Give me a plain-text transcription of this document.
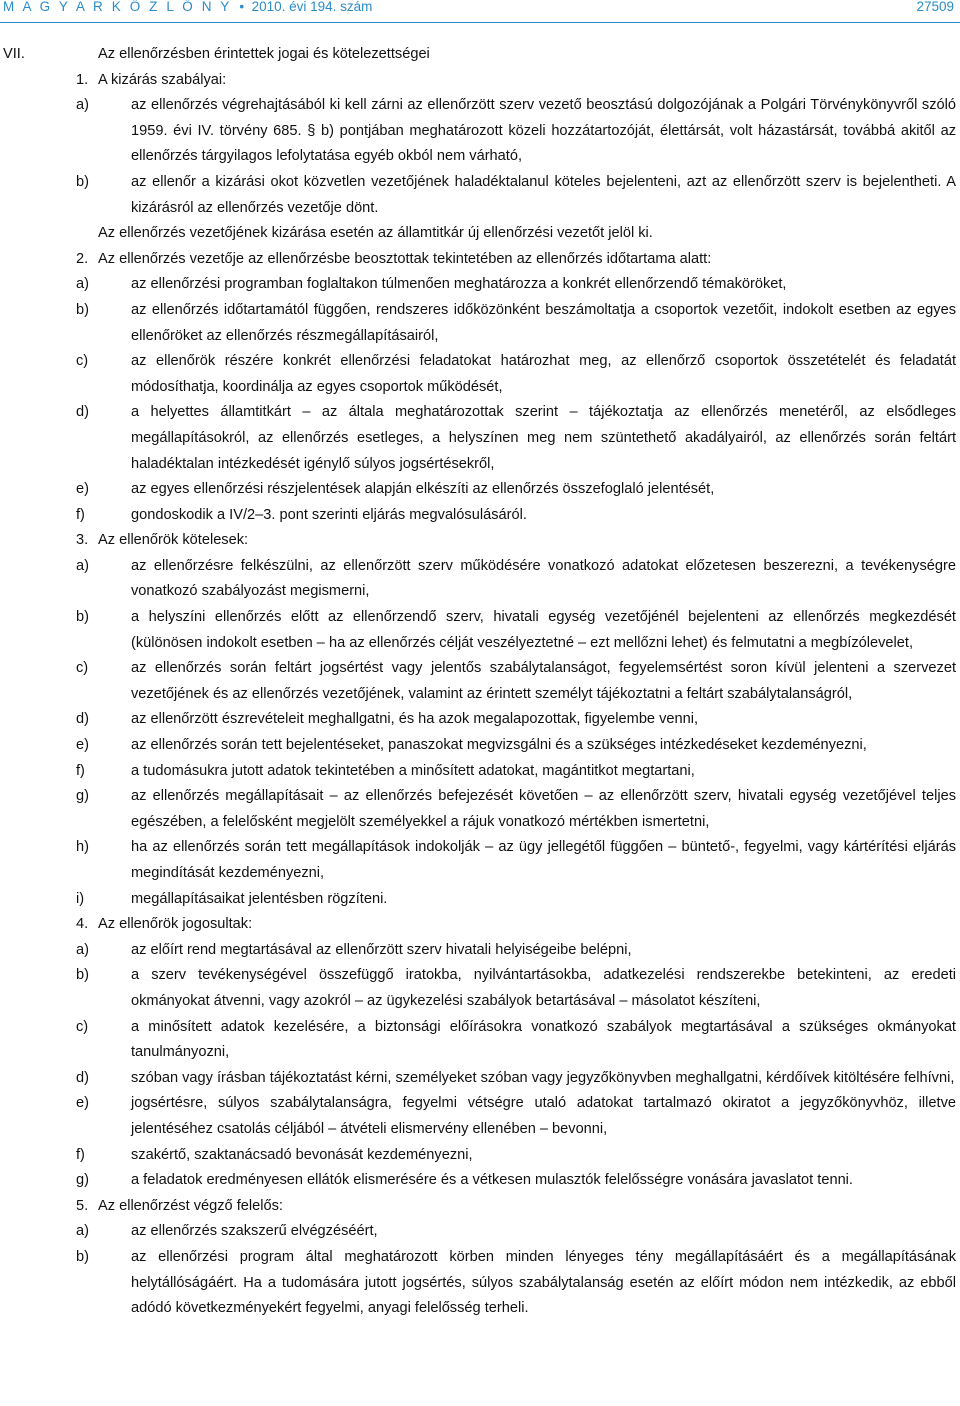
M A G Y A R K Ö Z L Ö N Y • 2010. évi 194. szám	27509
VII.	Az ellenőrzésben érintettek jogai és kötelezettségei
1. A kizárás szabályai:
a)	az ellenőrzés végrehajtásából ki kell zárni az ellenőrzött szerv vezető beosztású dolgozójának a Polgári Törvénykönyvről szóló 1959. évi IV. törvény 685. § b) pontjában meghatározott közeli hozzátartozóját, élettársát, volt házastársát, továbbá akitől az ellenőrzés tárgyilagos lefolytatása egyéb okból nem várható,
b)	az ellenőr a kizárási okot közvetlen vezetőjének haladéktalanul köteles bejelenteni, azt az ellenőrzött szerv is bejelentheti. A kizárásról az ellenőrzés vezetője dönt.
Az ellenőrzés vezetőjének kizárása esetén az államtitkár új ellenőrzési vezetőt jelöl ki.
2. Az ellenőrzés vezetője az ellenőrzésbe beosztottak tekintetében az ellenőrzés időtartama alatt:
a)	az ellenőrzési programban foglaltakon túlmenően meghatározza a konkrét ellenőrzendő témaköröket,
b)	az ellenőrzés időtartamától függően, rendszeres időközönként beszámoltatja a csoportok vezetőit, indokolt esetben az egyes ellenőröket az ellenőrzés részmegállapításairól,
c)	az ellenőrök részére konkrét ellenőrzési feladatokat határozhat meg, az ellenőrző csoportok összetételét és feladatát módosíthatja, koordinálja az egyes csoportok működését,
d)	a helyettes államtitkárt – az általa meghatározottak szerint – tájékoztatja az ellenőrzés menetéről, az elsődleges megállapításokról, az ellenőrzés esetleges, a helyszínen meg nem szüntethető akadályairól, az ellenőrzés során feltárt haladéktalan intézkedését igénylő súlyos jogsértésekről,
e)	az egyes ellenőrzési részjelentések alapján elkészíti az ellenőrzés összefoglaló jelentését,
f)	gondoskodik a IV/2–3. pont szerinti eljárás megvalósulásáról.
3. Az ellenőrök kötelesek:
a)	az ellenőrzésre felkészülni, az ellenőrzött szerv működésére vonatkozó adatokat előzetesen beszerezni, a tevékenységre vonatkozó szabályozást megismerni,
b)	a helyszíni ellenőrzés előtt az ellenőrzendő szerv, hivatali egység vezetőjénél bejelenteni az ellenőrzés megkezdését (különösen indokolt esetben – ha az ellenőrzés célját veszélyeztetné – ezt mellőzni lehet) és felmutatni a megbízólevelet,
c)	az ellenőrzés során feltárt jogsértést vagy jelentős szabálytalanságot, fegyelemsértést soron kívül jelenteni a szervezet vezetőjének és az ellenőrzés vezetőjének, valamint az érintett személyt tájékoztatni a feltárt szabálytalanságról,
d)	az ellenőrzött észrevételeit meghallgatni, és ha azok megalapozottak, figyelembe venni,
e)	az ellenőrzés során tett bejelentéseket, panaszokat megvizsgálni és a szükséges intézkedéseket kezdeményezni,
f)	a tudomásukra jutott adatok tekintetében a minősített adatokat, magántitkot megtartani,
g)	az ellenőrzés megállapításait – az ellenőrzés befejezését követően – az ellenőrzött szerv, hivatali egység vezetőjével teljes egészében, a felelősként megjelölt személyekkel a rájuk vonatkozó mértékben ismertetni,
h)	ha az ellenőrzés során tett megállapítások indokolják – az ügy jellegétől függően – büntető-, fegyelmi, vagy kártérítési eljárás megindítását kezdeményezni,
i)	megállapításaikat jelentésben rögzíteni.
4. Az ellenőrök jogosultak:
a)	az előírt rend megtartásával az ellenőrzött szerv hivatali helyiségeibe belépni,
b)	a szerv tevékenységével összefüggő iratokba, nyilvántartásokba, adatkezelési rendszerekbe betekinteni, az eredeti okmányokat átvenni, vagy azokról – az ügykezelési szabályok betartásával – másolatot készíteni,
c)	a minősített adatok kezelésére, a biztonsági előírásokra vonatkozó szabályok megtartásával a szükséges okmányokat tanulmányozni,
d)	szóban vagy írásban tájékoztatást kérni, személyeket szóban vagy jegyzőkönyvben meghallgatni, kérdőívek kitöltésére felhívni,
e)	jogsértésre, súlyos szabálytalanságra, fegyelmi vétségre utaló adatokat tartalmazó okiratot a jegyzőkönyvhöz, illetve jelentéséhez csatolás céljából – átvételi elismervény ellenében – bevonni,
f)	szakértő, szaktanácsadó bevonását kezdeményezni,
g)	a feladatok eredményesen ellátók elismerésére és a vétkesen mulasztók felelősségre vonására javaslatot tenni.
5. Az ellenőrzést végző felelős:
a)	az ellenőrzés szakszerű elvégzéséért,
b)	az ellenőrzési program által meghatározott körben minden lényeges tény megállapításáért és a megállapításának helytállóságáért. Ha a tudomására jutott jogsértés, súlyos szabálytalanság esetén az előírt módon nem intézkedik, az ebből adódó következményekért fegyelmi, anyagi felelősség terheli.
